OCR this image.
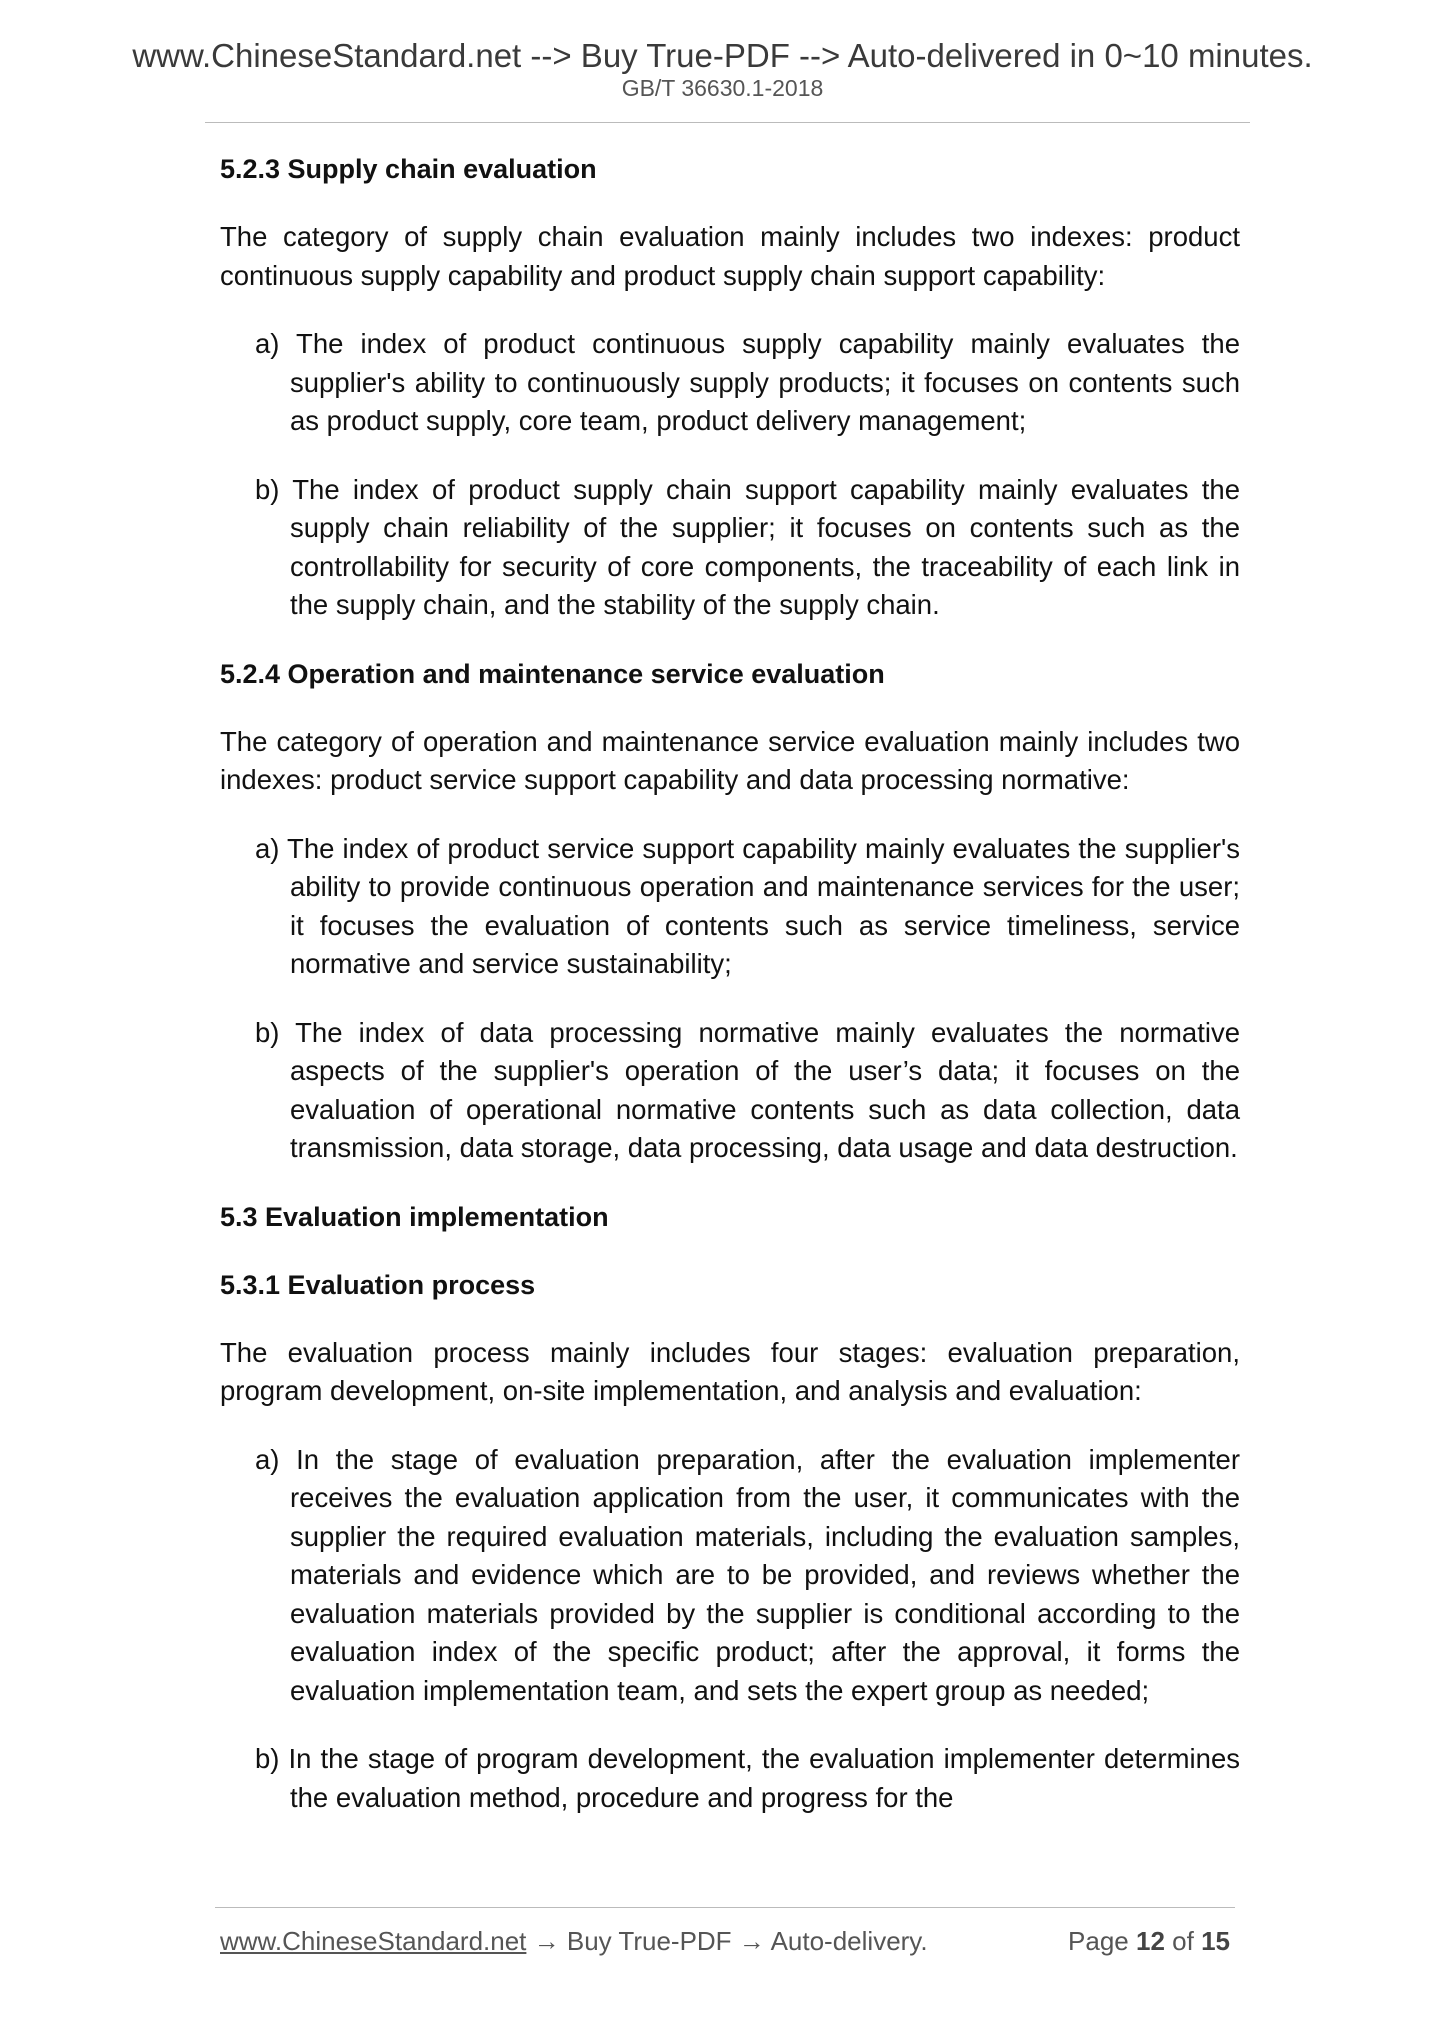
www.ChineseStandard.net --> Buy True-PDF --> Auto-delivered in 0~10 minutes.
GB/T 36630.1-2018
5.2.3 Supply chain evaluation

The category of supply chain evaluation mainly includes two indexes: product continuous supply capability and product supply chain support capability:

a) The index of product continuous supply capability mainly evaluates the supplier's ability to continuously supply products; it focuses on contents such as product supply, core team, product delivery management;

b) The index of product supply chain support capability mainly evaluates the supply chain reliability of the supplier; it focuses on contents such as the controllability for security of core components, the traceability of each link in the supply chain, and the stability of the supply chain.

5.2.4 Operation and maintenance service evaluation

The category of operation and maintenance service evaluation mainly includes two indexes: product service support capability and data processing normative:

a) The index of product service support capability mainly evaluates the supplier's ability to provide continuous operation and maintenance services for the user; it focuses the evaluation of contents such as service timeliness, service normative and service sustainability;

b) The index of data processing normative mainly evaluates the normative aspects of the supplier's operation of the user’s data; it focuses on the evaluation of operational normative contents such as data collection, data transmission, data storage, data processing, data usage and data destruction.

5.3 Evaluation implementation
5.3.1 Evaluation process

The evaluation process mainly includes four stages: evaluation preparation, program development, on-site implementation, and analysis and evaluation:

a) In the stage of evaluation preparation, after the evaluation implementer receives the evaluation application from the user, it communicates with the supplier the required evaluation materials, including the evaluation samples, materials and evidence which are to be provided, and reviews whether the evaluation materials provided by the supplier is conditional according to the evaluation index of the specific product; after the approval, it forms the evaluation implementation team, and sets the expert group as needed;

b) In the stage of program development, the evaluation implementer determines the evaluation method, procedure and progress for the

www.ChineseStandard.net → Buy True-PDF → Auto-delivery.	Page 12 of 15
